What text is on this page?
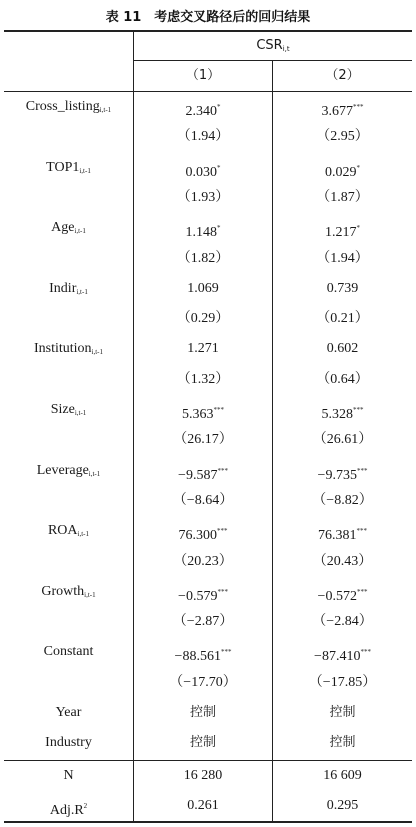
表 11　考虑交叉路径后的回归结果
$CSR_{i,t}$
（1）	（2）
Cross_listing$_{i,t-1}$	2.340*	3.677***
（1.94）	（2.95）
$TOP1_{i,t-1}$	0.030*	0.029*
（1.93）	（1.87）
Age$_{i,t-1}$	1.148*	1.217*
（1.82）	（1.94）
Indir$_{i,t-1}$	1.069	0.739
（0.29）	（0.21）
Institution$_{i,t-1}$	1.271	0.602
（1.32）	（0.64）
Size$_{i,t-1}$	5.363***	5.328***
（26.17）	（26.61）
Leverage$_{i,t-1}$	−9.587***	−9.735***
（−8.64）	（−8.82）
$ROA_{i,t-1}$	76.300***	76.381***
（20.23）	（20.43）
Growth$_{i,t-1}$	−0.579***	−0.572***
（−2.87）	（−2.84）
Constant	−88.561***	−87.410***
（−17.70）	（−17.85）
Year	控制	控制
Industry	控制	控制
N	16 280	16 609
$Adj.R^2$	0.261	0.295
